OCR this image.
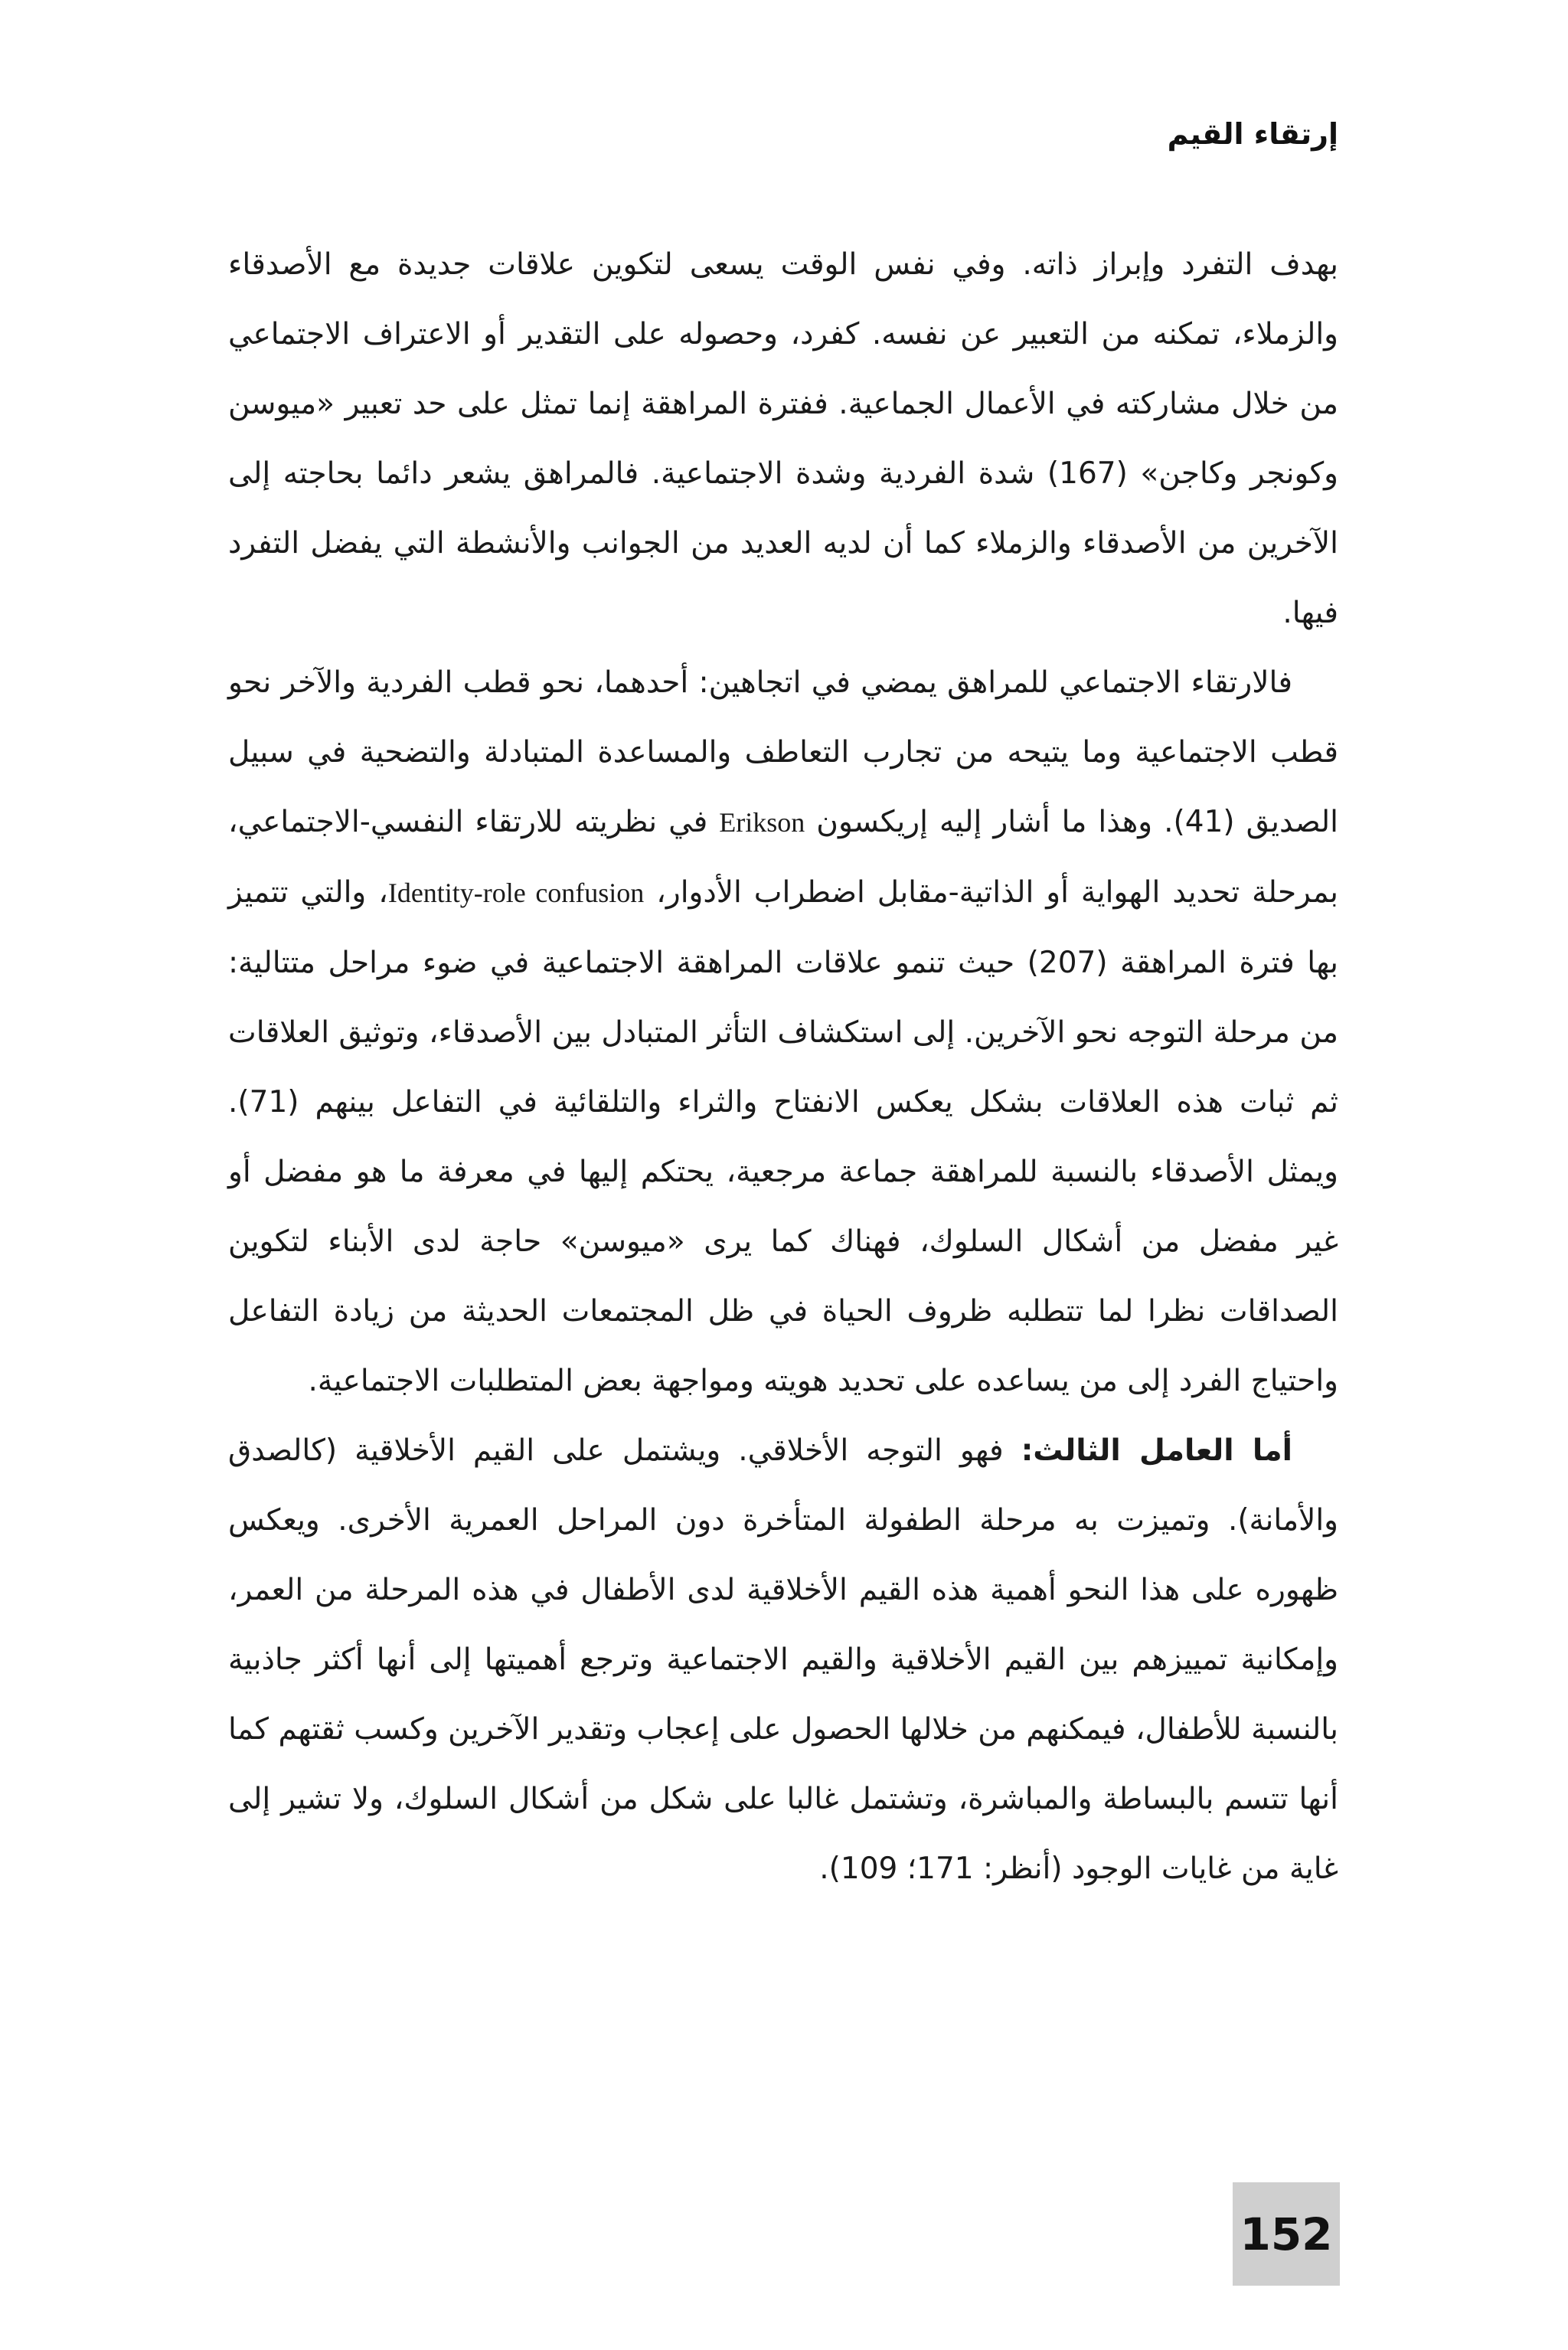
إرتقاء القيم

بهدف التفرد وإبراز ذاته. وفي نفس الوقت يسعى لتكوين علاقات جديدة مع الأصدقاء والزملاء، تمكنه من التعبير عن نفسه. كفرد، وحصوله على التقدير أو الاعتراف الاجتماعي من خلال مشاركته في الأعمال الجماعية. ففترة المراهقة إنما تمثل على حد تعبير «ميوسن وكونجر وكاجن» (167) شدة الفردية وشدة الاجتماعية. فالمراهق يشعر دائما بحاجته إلى الآخرين من الأصدقاء والزملاء كما أن لديه العديد من الجوانب والأنشطة التي يفضل التفرد فيها.

فالارتقاء الاجتماعي للمراهق يمضي في اتجاهين: أحدهما، نحو قطب الفردية والآخر نحو قطب الاجتماعية وما يتيحه من تجارب التعاطف والمساعدة المتبادلة والتضحية في سبيل الصديق (41). وهذا ما أشار إليه إريكسون Erikson في نظريته للارتقاء النفسي-الاجتماعي، بمرحلة تحديد الهواية أو الذاتية-مقابل اضطراب الأدوار، Identity-role confusion، والتي تتميز بها فترة المراهقة (207) حيث تنمو علاقات المراهقة الاجتماعية في ضوء مراحل متتالية: من مرحلة التوجه نحو الآخرين. إلى استكشاف التأثر المتبادل بين الأصدقاء، وتوثيق العلاقات ثم ثبات هذه العلاقات بشكل يعكس الانفتاح والثراء والتلقائية في التفاعل بينهم (71). ويمثل الأصدقاء بالنسبة للمراهقة جماعة مرجعية، يحتكم إليها في معرفة ما هو مفضل أو غير مفضل من أشكال السلوك، فهناك كما يرى «ميوسن» حاجة لدى الأبناء لتكوين الصداقات نظرا لما تتطلبه ظروف الحياة في ظل المجتمعات الحديثة من زيادة التفاعل واحتياج الفرد إلى من يساعده على تحديد هويته ومواجهة بعض المتطلبات الاجتماعية.

أما العامل الثالث: فهو التوجه الأخلاقي. ويشتمل على القيم الأخلاقية (كالصدق والأمانة). وتميزت به مرحلة الطفولة المتأخرة دون المراحل العمرية الأخرى. ويعكس ظهوره على هذا النحو أهمية هذه القيم الأخلاقية لدى الأطفال في هذه المرحلة من العمر، وإمكانية تمييزهم بين القيم الأخلاقية والقيم الاجتماعية وترجع أهميتها إلى أنها أكثر جاذبية بالنسبة للأطفال، فيمكنهم من خلالها الحصول على إعجاب وتقدير الآخرين وكسب ثقتهم كما أنها تتسم بالبساطة والمباشرة، وتشتمل غالبا على شكل من أشكال السلوك، ولا تشير إلى غاية من غايات الوجود (أنظر: 171؛ 109).

152
